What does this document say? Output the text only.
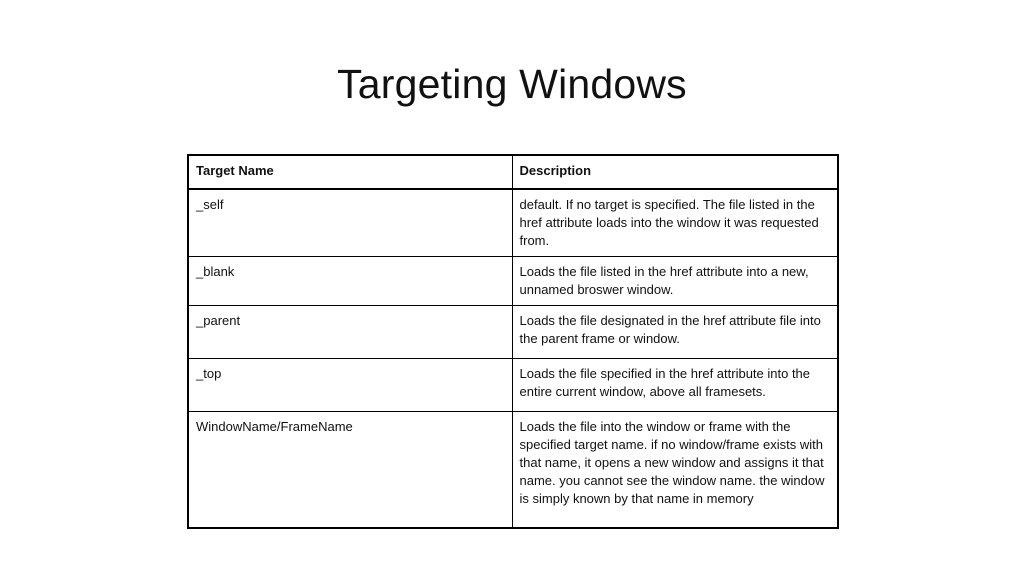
Targeting Windows
Target Name	Description
_self	default. If no target is specified. The file listed in the href attribute loads into the window it was requested from.
_blank	Loads the file listed in the href attribute into a new, unnamed broswer window.
_parent	Loads the file designated in the href attribute file into the parent frame or window.
_top	Loads the file specified in the href attribute into the entire current window, above all framesets.
WindowName/FrameName	Loads the file into the window or frame with the specified target name. if no window/frame exists with that name, it opens a new window and assigns it that name. you cannot see the window name. the window is simply known by that name in memory
